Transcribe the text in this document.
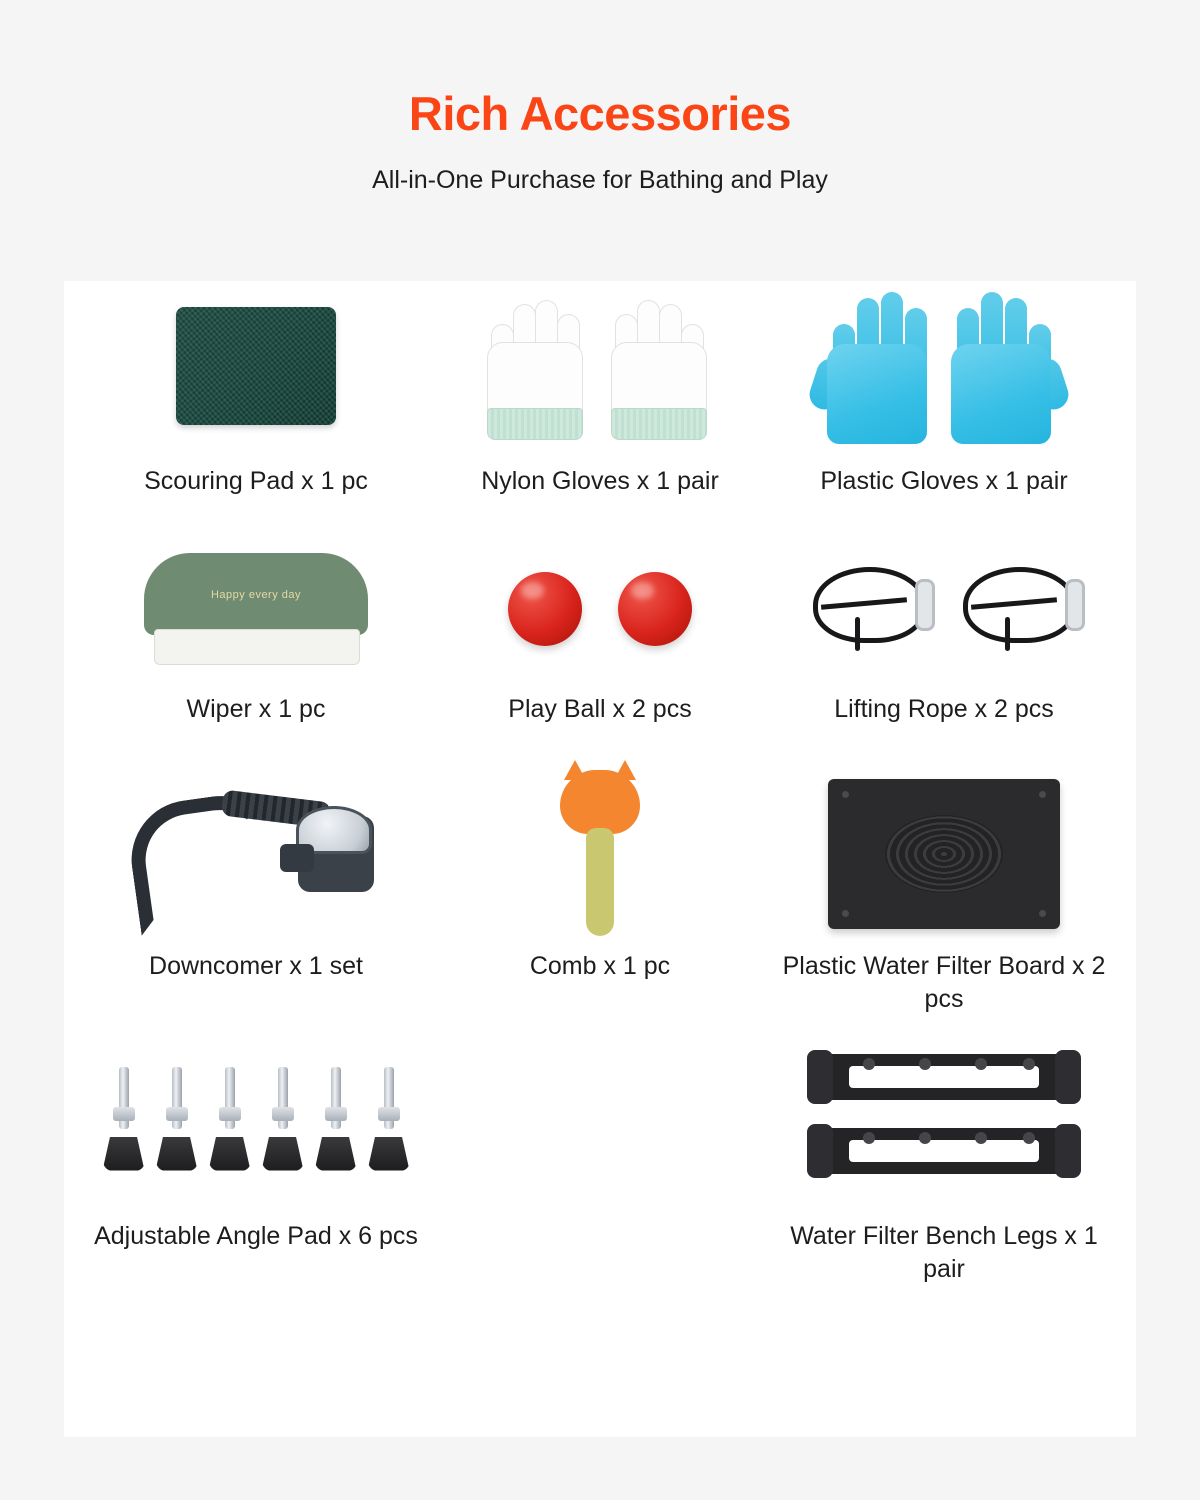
Rich Accessories

All-in-One Purchase for Bathing and Play

Scouring Pad x 1 pc	Nylon Gloves x 1 pair	Plastic Gloves x 1 pair
Happy every day
Wiper x 1 pc	Play Ball x 2 pcs	Lifting Rope x 2 pcs
Downcomer x 1 set	Comb x 1 pc	Plastic Water Filter Board x 2 pcs
Adjustable Angle Pad x 6 pcs	Water Filter Bench Legs x 1 pair
